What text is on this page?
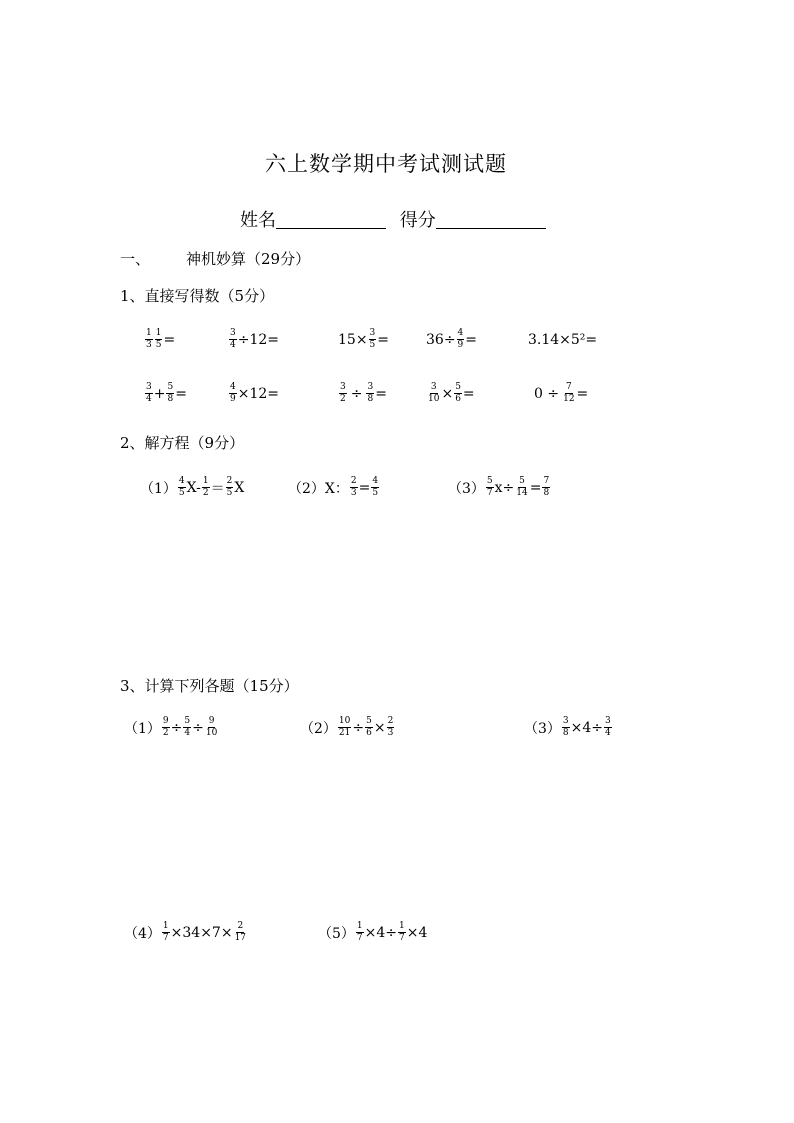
六上数学期中考试测试题
姓名	得分
一、 神机妙算（29分）
1、直接写得数（5分）
$\frac{1}{3} \frac{1}{5}$ =	$\frac{3}{4} \div 12=$	$15\times \frac{3}{5}$ =	$36\div \frac{4}{9}$ =	3.14×5²=
$\frac{3}{4} + \frac{5}{8}$ =	$\frac{4}{9} \times 12=$	$\frac{3}{2} \div \frac{3}{8}$ =	$\frac{3}{10} \times \frac{5}{6}$ =	$0 \div \frac{7}{12}$ =
2、解方程（9分）
$(1) \frac{4}{5} X- \frac{1}{2} = \frac{2}{5}$ X	（2）X： $\frac{2}{3} = \frac{4}{5}$	$(3) \frac{5}{7} x\div \frac{5}{14} = \frac{7}{8}$
3、计算下列各题（15分）
$(1) \frac{9}{2} \div \frac{5}{4} \div \frac{9}{10}$	$(2) \frac{10}{21} \div \frac{5}{6} \times \frac{2}{3}$	$(3) \frac{3}{8} \times 4\div \frac{3}{4}$
$(4) \frac{1}{7} \times 34\times 7\times \frac{2}{17}$	$(5) \frac{1}{7} \times 4\div \frac{1}{7} \times 4$
